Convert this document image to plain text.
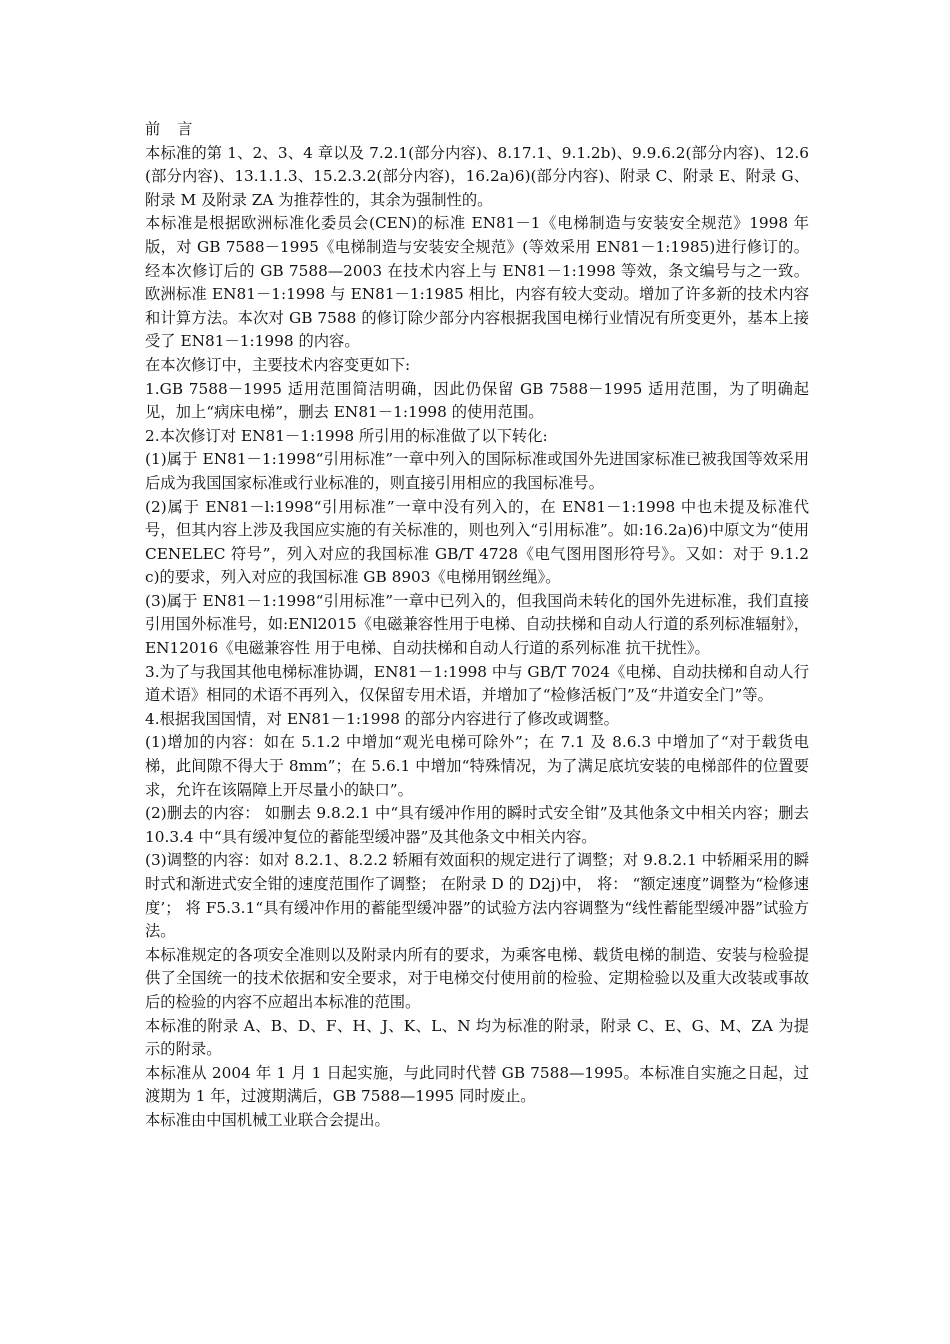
前 言

本标准的第 1、2、3、4 章以及 7.2.1(部分内容)、8.17.1、9.1.2b)、9.9.6.2(部分内容)、12.6(部分内容)、13.1.1.3、15.2.3.2(部分内容)，16.2a)6)(部分内容)、附录 C、附录 E、附录 G、附录 M 及附录 ZA 为推荐性的，其余为强制性的。

本标准是根据欧洲标准化委员会(CEN)的标准 EN81－1《电梯制造与安装安全规范》1998 年版，对 GB 7588－1995《电梯制造与安装安全规范》(等效采用 EN81－1:1985)进行修订的。经本次修订后的 GB 7588—2003 在技术内容上与 EN81－1:1998 等效，条文编号与之一致。欧洲标准 EN81－1:1998 与 EN81－1:1985 相比，内容有较大变动。增加了许多新的技术内容和计算方法。本次对 GB 7588 的修订除少部分内容根据我国电梯行业情况有所变更外，基本上接受了 EN81－1:1998 的内容。

在本次修订中，主要技术内容变更如下:

1.GB 7588－1995 适用范围简洁明确，因此仍保留 GB 7588－1995 适用范围，为了明确起见，加上“病床电梯”，删去 EN81－1:1998 的使用范围。

2.本次修订对 EN81－1:1998 所引用的标准做了以下转化:

(1)属于 EN81－1:1998“引用标准”一章中列入的国际标准或国外先进国家标准已被我国等效采用后成为我国国家标准或行业标准的，则直接引用相应的我国标准号。

(2)属于 EN81－l:1998“引用标准”一章中没有列入的，在 EN81－1:1998 中也未提及标准代号，但其内容上涉及我国应实施的有关标准的，则也列入“引用标准”。如:16.2a)6)中原文为“使用 CENELEC 符号”，列入对应的我国标准 GB/T 4728《电气图用图形符号》。又如：对于 9.1.2 c)的要求，列入对应的我国标准 GB 8903《电梯用钢丝绳》。

(3)属于 EN81－1:1998“引用标准”一章中已列入的，但我国尚未转化的国外先进标准，我们直接引用国外标准号，如:ENl2015《电磁兼容性用于电梯、自动扶梯和自动人行道的系列标准辐射》，EN12016《电磁兼容性 用于电梯、自动扶梯和自动人行道的系列标准 抗干扰性》。

3.为了与我国其他电梯标准协调，EN81－1:1998 中与 GB/T 7024《电梯、自动扶梯和自动人行道术语》相同的术语不再列入，仅保留专用术语，并增加了“检修活板门”及“井道安全门”等。

4.根据我国国情，对 EN81－1:1998 的部分内容进行了修改或调整。

(1)增加的内容：如在 5.1.2 中增加“观光电梯可除外”；在 7.1 及 8.6.3 中增加了“对于载货电梯，此间隙不得大于 8mm”；在 5.6.1 中增加“特殊情况，为了满足底坑安装的电梯部件的位置要求，允许在该隔障上开尽量小的缺口”。

(2)删去的内容： 如删去 9.8.2.1 中“具有缓冲作用的瞬时式安全钳”及其他条文中相关内容；删去 10.3.4 中“具有缓冲复位的蓄能型缓冲器”及其他条文中相关内容。

(3)调整的内容：如对 8.2.1、8.2.2 轿厢有效面积的规定进行了调整；对 9.8.2.1 中轿厢采用的瞬时式和渐进式安全钳的速度范围作了调整； 在附录 D 的 D2j)中， 将： “额定速度”调整为“检修速度’； 将 F5.3.1“具有缓冲作用的蓄能型缓冲器”的试验方法内容调整为“线性蓄能型缓冲器”试验方法。

本标准规定的各项安全准则以及附录内所有的要求，为乘客电梯、载货电梯的制造、安装与检验提供了全国统一的技术依据和安全要求，对于电梯交付使用前的检验、定期检验以及重大改装或事故后的检验的内容不应超出本标准的范围。

本标准的附录 A、B、D、F、H、J、K、L、N 均为标准的附录，附录 C、E、G、M、ZA 为提示的附录。

本标准从 2004 年 1 月 1 日起实施，与此同时代替 GB 7588—1995。本标准自实施之日起，过渡期为 1 年，过渡期满后，GB 7588—1995 同时废止。

本标准由中国机械工业联合会提出。
